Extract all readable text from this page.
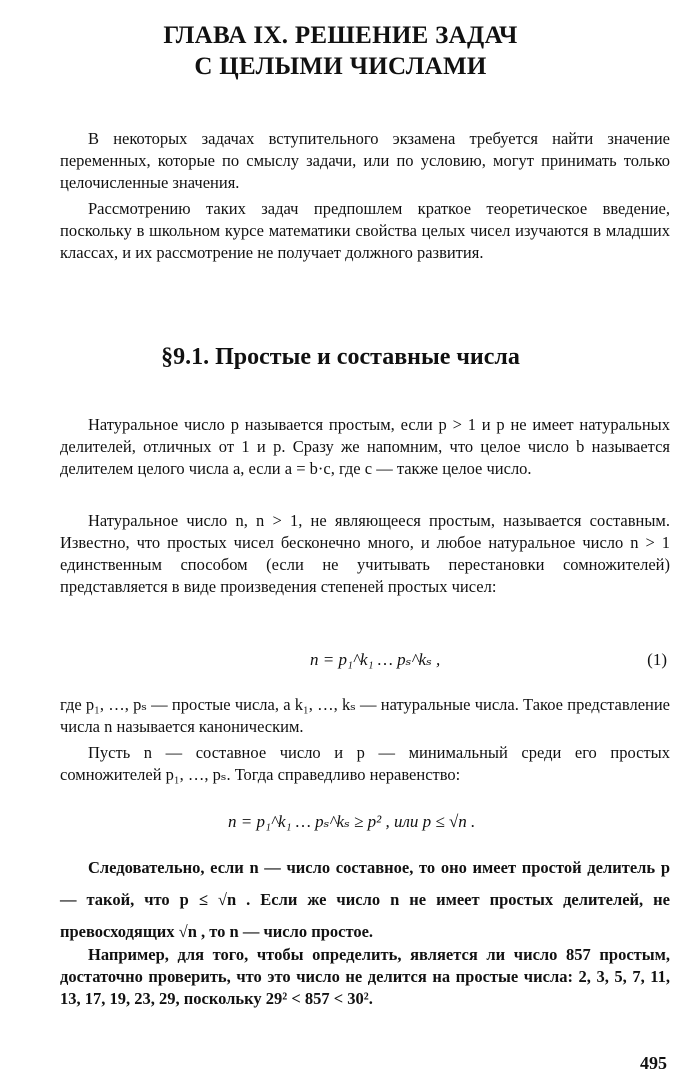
ГЛАВА IX. РЕШЕНИЕ ЗАДАЧ
С ЦЕЛЫМИ ЧИСЛАМИ
В некоторых задачах вступительного экзамена требуется найти значение переменных, которые по смыслу задачи, или по условию, могут принимать только целочисленные значения.
Рассмотрению таких задач предпошлем краткое теоретическое введение, поскольку в школьном курсе математики свойства целых чисел изучаются в младших классах, и их рассмотрение не получает должного развития.
§9.1. Простые и составные числа
Натуральное число p называется простым, если p > 1 и p не имеет натуральных делителей, отличных от 1 и p. Сразу же напомним, что целое число b называется делителем целого числа a, если a = b·c, где c — также целое число.
Натуральное число n, n > 1, не являющееся простым, называется составным. Известно, что простых чисел бесконечно много, и любое натуральное число n > 1 единственным способом (если не учитывать перестановки сомножителей) представляется в виде произведения степеней простых чисел:
n = p₁^k₁ … pₛ^kₛ ,	(1)
где p₁, …, pₛ — простые числа, а k₁, …, kₛ — натуральные числа. Такое представление числа n называется каноническим.
Пусть n — составное число и p — минимальный среди его простых сомножителей p₁, …, pₛ. Тогда справедливо неравенство:
n = p₁^k₁ … pₛ^kₛ ≥ p² , или p ≤ √n .
Следовательно, если n — число составное, то оно имеет простой делитель p — такой, что p ≤ √n . Если же число n не имеет простых делителей, не превосходящих √n , то n — число простое.
Например, для того, чтобы определить, является ли число 857 простым, достаточно проверить, что это число не делится на простые числа: 2, 3, 5, 7, 11, 13, 17, 19, 23, 29, поскольку 29² < 857 < 30².
495
